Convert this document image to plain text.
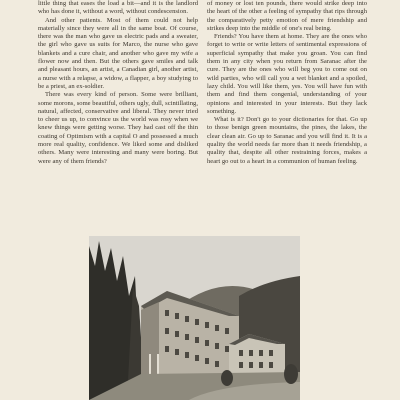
little thing that eases the load a bit—and it is the landlord who has done it, without a word, without condescension.

And other patients. Most of them could not help materially since they were all in the same boat. Of course, there was the man who gave us electric pads and a sweater, the girl who gave us suits for Marco, the nurse who gave blankets and a cure chair, and another who gave my wife a flower now and then. But the others gave smiles and talk and pleasant hours, an artist, a Canadian girl, another artist, a nurse with a relapse, a widow, a flapper, a boy studying to be a priest, an ex-soldier.

There was every kind of person. Some were brilliant, some morons, some beautiful, others ugly, dull, scintillating, natural, affected, conservative and liberal. They never tried to cheer us up, to convince us the world was rosy when we knew things were getting worse. They had cast off the thin coating of Optimism with a capital O and possessed a much more real quality, confidence. We liked some and disliked others. Many were interesting and many were boring. But were any of them friends?

of money or lost ten pounds, there would strike deep into the heart of the other a feeling of sympathy that rips through the comparatively petty emotion of mere friendship and strikes deep into the middle of one's real being.

Friends? You have them at home. They are the ones who forget to write or write letters of sentimental expressions of superficial sympathy that make you groan. You can find them in any city when you return from Saranac after the cure. They are the ones who will beg you to come out on wild parties, who will call you a wet blanket and a spoiled, lazy child. You will like them, yes. You will have fun with them and find them congenial, understanding of your opinions and interested in your interests. But they lack something.

What is it? Don't go to your dictionaries for that. Go up to those benign green mountains, the pines, the lakes, the clear clean air. Go up to Saranac and you will find it. It is a quality the world needs far more than it needs friendship, a quality that, despite all other restraining forces, makes a heart go out to a heart in a communion of human feeling.
